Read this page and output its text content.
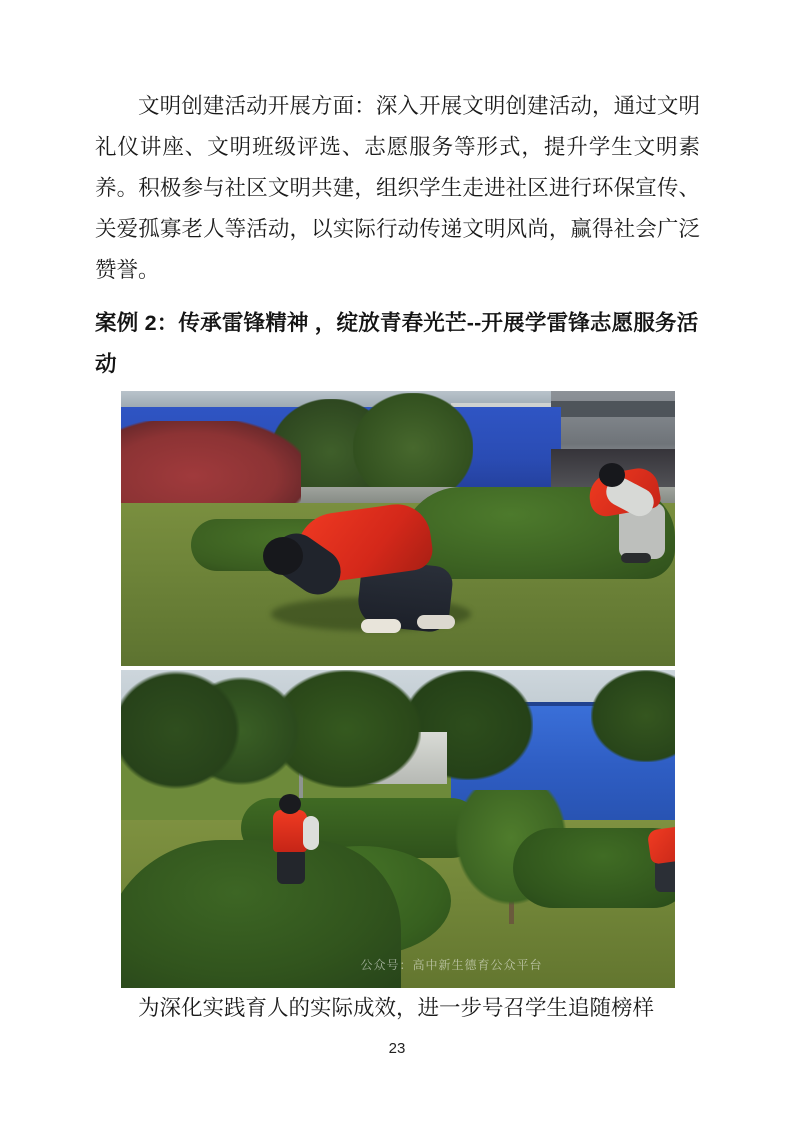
文明创建活动开展方面：深入开展文明创建活动，通过文明礼仪讲座、文明班级评选、志愿服务等形式，提升学生文明素养。积极参与社区文明共建，组织学生走进社区进行环保宣传、关爱孤寡老人等活动，以实际行动传递文明风尚，赢得社会广泛赞誉。

案例 2：传承雷锋精神 ，绽放青春光芒--开展学雷锋志愿服务活动
公众号：高中新生德育公众平台

为深化实践育人的实际成效，进一步号召学生追随榜样

23
